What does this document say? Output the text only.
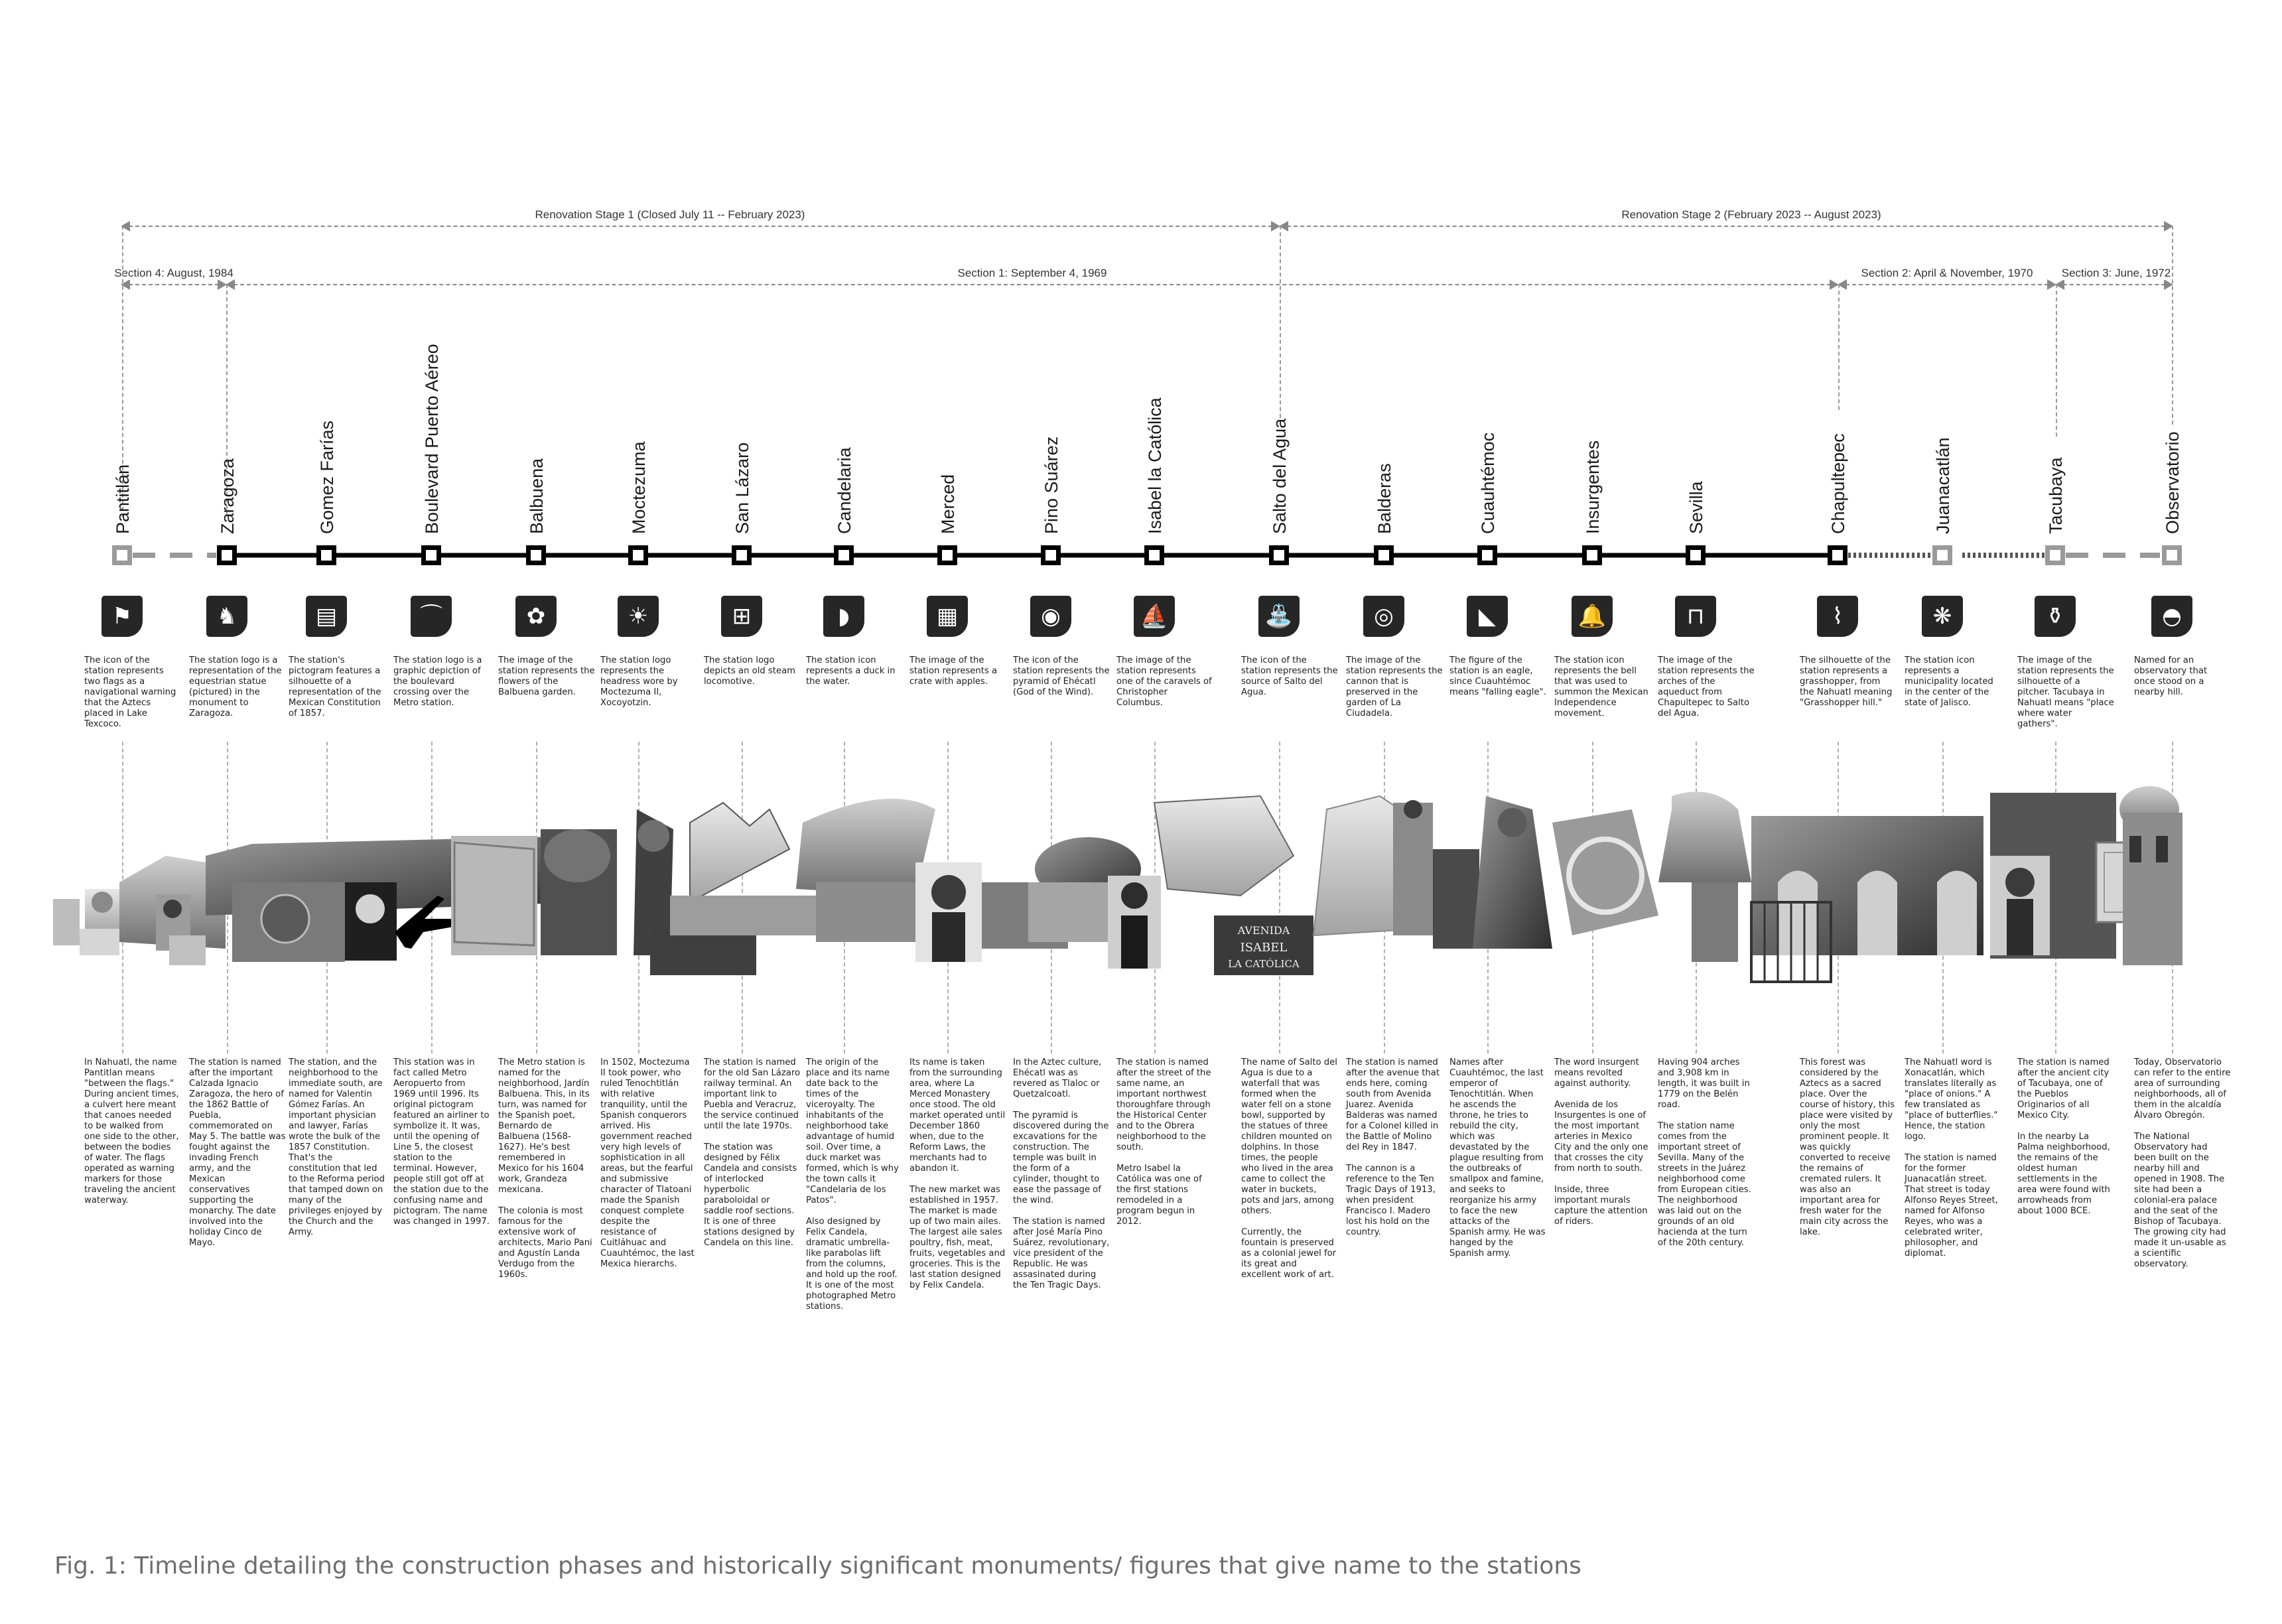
Renovation Stage 1 (Closed July 11 -- February 2023)	Renovation Stage 2 (February 2023 -- August 2023)
Section 4: August, 1984	Section 1: September 4, 1969	Section 2: April & November, 1970	Section 3: June, 1972
Pantitlán
⚑
The icon of the station represents two flags as a navigational warning that the Aztecs placed in Lake Texcoco.
In Nahuatl, the name Pantitlan means "between the flags." During ancient times, a culvert here meant that canoes needed to be walked from one side to the other, between the bodies of water. The flags operated as warning markers for those traveling the ancient waterway.
Zaragoza
♞
The station logo is a representation of the equestrian statue (pictured) in the monument to Zaragoza.
The station is named after the important Calzada Ignacio Zaragoza, the hero of the 1862 Battle of Puebla, commemorated on May 5. The battle was fought against the invading French army, and the Mexican conservatives supporting the monarchy. The date involved into the holiday Cinco de Mayo.
Gomez Farías
▤
The station's pictogram features a silhouette of a representation of the Mexican Constitution of 1857.
The station, and the neighborhood to the immediate south, are named for Valentin Gómez Farías. An important physician and lawyer, Farías wrote the bulk of the 1857 Constitution. That's the constitution that led to the Reforma period that tamped down on many of the privileges enjoyed by the Church and the Army.
Boulevard Puerto Aéreo
⌒
The station logo is a graphic depiction of the boulevard crossing over the Metro station.
This station was in fact called Metro Aeropuerto from 1969 until 1996. Its original pictogram featured an airliner to symbolize it. It was, until the opening of Line 5, the closest station to the terminal. However, people still got off at the station due to the confusing name and pictogram. The name was changed in 1997.
Balbuena
✿
The image of the station represents the flowers of the Balbuena garden.
The Metro station is named for the neighborhood, Jardín Balbuena. This, in its turn, was named for the Spanish poet, Bernardo de Balbuena (1568-1627). He's best remembered in Mexico for his 1604 work, Grandeza mexicana.

The colonia is most famous for the extensive work of architects, Mario Pani and Agustín Landa Verdugo from the 1960s.
Moctezuma
☀
The station logo represents the headress wore by Moctezuma II, Xocoyotzin.
In 1502, Moctezuma II took power, who ruled Tenochtitlán with relative tranquility, until the Spanish conquerors arrived. His government reached very high levels of sophistication in all areas, but the fearful and submissive character of Tlatoani made the Spanish conquest complete despite the resistance of Cuitláhuac and Cuauhtémoc, the last Mexica hierarchs.
San Lázaro
⊞
The station logo depicts an old steam locomotive.
The station is named for the old San Lázaro railway terminal. An important link to Puebla and Veracruz, the service continued until the late 1970s.

The station was designed by Félix Candela and consists of interlocked hyperbolic paraboloidal or saddle roof sections. It is one of three stations designed by Candela on this line.
Candelaria
◗
The station icon represents a duck in the water.
The origin of the place and its name date back to the times of the viceroyalty. The inhabitants of the neighborhood take advantage of humid soil. Over time, a duck market was formed, which is why the town calls it "Candelaria de los Patos".

Also designed by Felix Candela, dramatic umbrella-like parabolas lift from the columns, and hold up the roof. It is one of the most photographed Metro stations.
Merced
▦
The image of the station represents a crate with apples.
Its name is taken from the surrounding area, where La Merced Monastery once stood. The old market operated until December 1860 when, due to the Reform Laws, the merchants had to abandon it.

The new market was established in 1957. The market is made up of two main ailes. The largest aile sales poultry, fish, meat, fruits, vegetables and groceries. This is the last station designed by Felix Candela.
Pino Suárez
◉
The icon of the station represents the pyramid of Ehécatl (God of the Wind).
In the Aztec culture, Ehécatl was as revered as Tlaloc or Quetzalcoatl.

The pyramid is discovered during the excavations for the construction. The temple was built in the form of a cylinder, thought to ease the passage of the wind.

The station is named after José María Pino Suárez, revolutionary, vice president of the Republic. He was assasinated during the Ten Tragic Days.
Isabel la Católica
⛵
The image of the station represents one of the caravels of Christopher Columbus.
The station is named after the street of the same name, an important northwest thoroughfare through the Historical Center and to the Obrera neighborhood to the south.

Metro Isabel la Católica was one of the first stations remodeled in a program begun in 2012.
Salto del Agua
⛲
The icon of the station represents the source of Salto del Agua.
The name of Salto del Agua is due to a waterfall that was formed when the water fell on a stone bowl, supported by the statues of three children mounted on dolphins. In those times, the people who lived in the area came to collect the water in buckets, pots and jars, among others.

Currently, the fountain is preserved as a colonial jewel for its great and excellent work of art.
Balderas
◎
The image of the station represents the cannon that is preserved in the garden of La Ciudadela.
The station is named after the avenue that ends here, coming south from Avenida Juarez. Avenida Balderas was named for a Colonel killed in the Battle of Molino del Rey in 1847.

The cannon is a reference to the Ten Tragic Days of 1913, when president Francisco I. Madero lost his hold on the country.
Cuauhtémoc
◣
The figure of the station is an eagle, since Cuauhtémoc means "falling eagle".
Names after Cuauhtémoc, the last emperor of Tenochtitlán. When he ascends the throne, he tries to rebuild the city, which was devastated by the plague resulting from the outbreaks of smallpox and famine, and seeks to reorganize his army to face the new attacks of the Spanish army. He was hanged by the Spanish army.
Insurgentes
🔔
The station icon represents the bell that was used to summon the Mexican Independence movement.
The word insurgent means revolted against authority.

Avenida de los Insurgentes is one of the most important arteries in Mexico City and the only one that crosses the city from north to south.

Inside, three important murals capture the attention of riders.
Sevilla
⊓
The image of the station represents the arches of the aqueduct from Chapultepec to Salto del Agua.
Having 904 arches and 3,908 km in length, it was built in 1779 on the Belén road.

The station name comes from the important street of Sevilla. Many of the streets in the Juárez neighborhood come from European cities. The neighborhood was laid out on the grounds of an old hacienda at the turn of the 20th century.
Chapultepec
⌇
The silhouette of the station represents a grasshopper, from the Nahuatl meaning "Grasshopper hill."
This forest was considered by the Aztecs as a sacred place. Over the course of history, this place were visited by only the most prominent people. It was quickly converted to receive the remains of cremated rulers. It was also an important area for fresh water for the main city across the lake.
Juanacatlán
❋
The station icon represents a municipality located in the center of the state of Jalisco.
The Nahuatl word is Xonacatlán, which translates literally as "place of onions." A few translated as "place of butterflies." Hence, the station logo.

The station is named for the former Juanacatlán street. That street is today Alfonso Reyes Street, named for Alfonso Reyes, who was a celebrated writer, philosopher, and diplomat.
Tacubaya
⚱
The image of the station represents the silhouette of a pitcher. Tacubaya in Nahuatl means "place where water gathers".
The station is named after the ancient city of Tacubaya, one of the Pueblos Originarios of all Mexico City.

In the nearby La Palma neighborhood, the remains of the oldest human settlements in the area were found with arrowheads from about 1000 BCE.
Observatorio
◓
Named for an observatory that once stood on a nearby hill.
Today, Observatorio can refer to the entire area of surrounding neighborhoods, all of them in the alcaldía Álvaro Obregón.

The National Observatory had been built on the nearby hill and opened in 1908. The site had been a colonial-era palace and the seat of the Bishop of Tacubaya. The growing city had made it un-usable as a scientific observatory.
AVENIDA
ISABEL
LA CATÓLICA
Fig. 1: Timeline detailing the construction phases and historically significant monuments/ figures that give name to the stations
